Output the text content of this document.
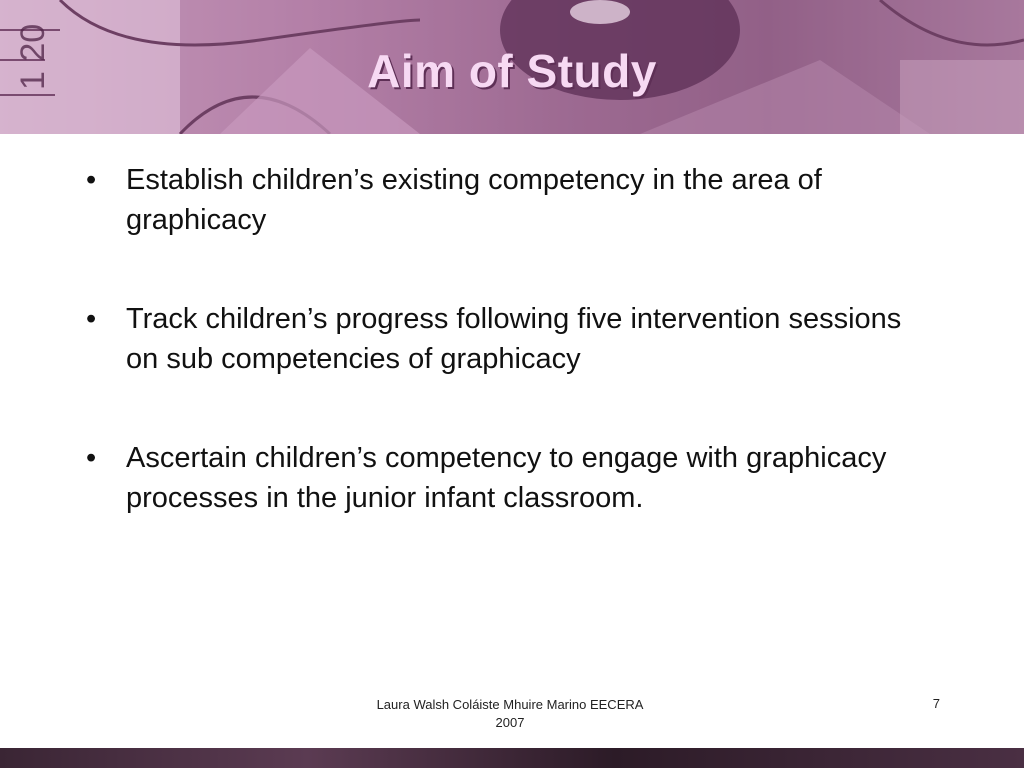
1 20	Aim of Study
•	Establish children’s existing competency in the area of graphicacy
•	Track children’s progress following five intervention sessions on sub competencies of graphicacy
•	Ascertain children’s competency to engage with graphicacy processes in the junior infant classroom.
Laura Walsh Coláiste Mhuire Marino EECERA
2007
7
